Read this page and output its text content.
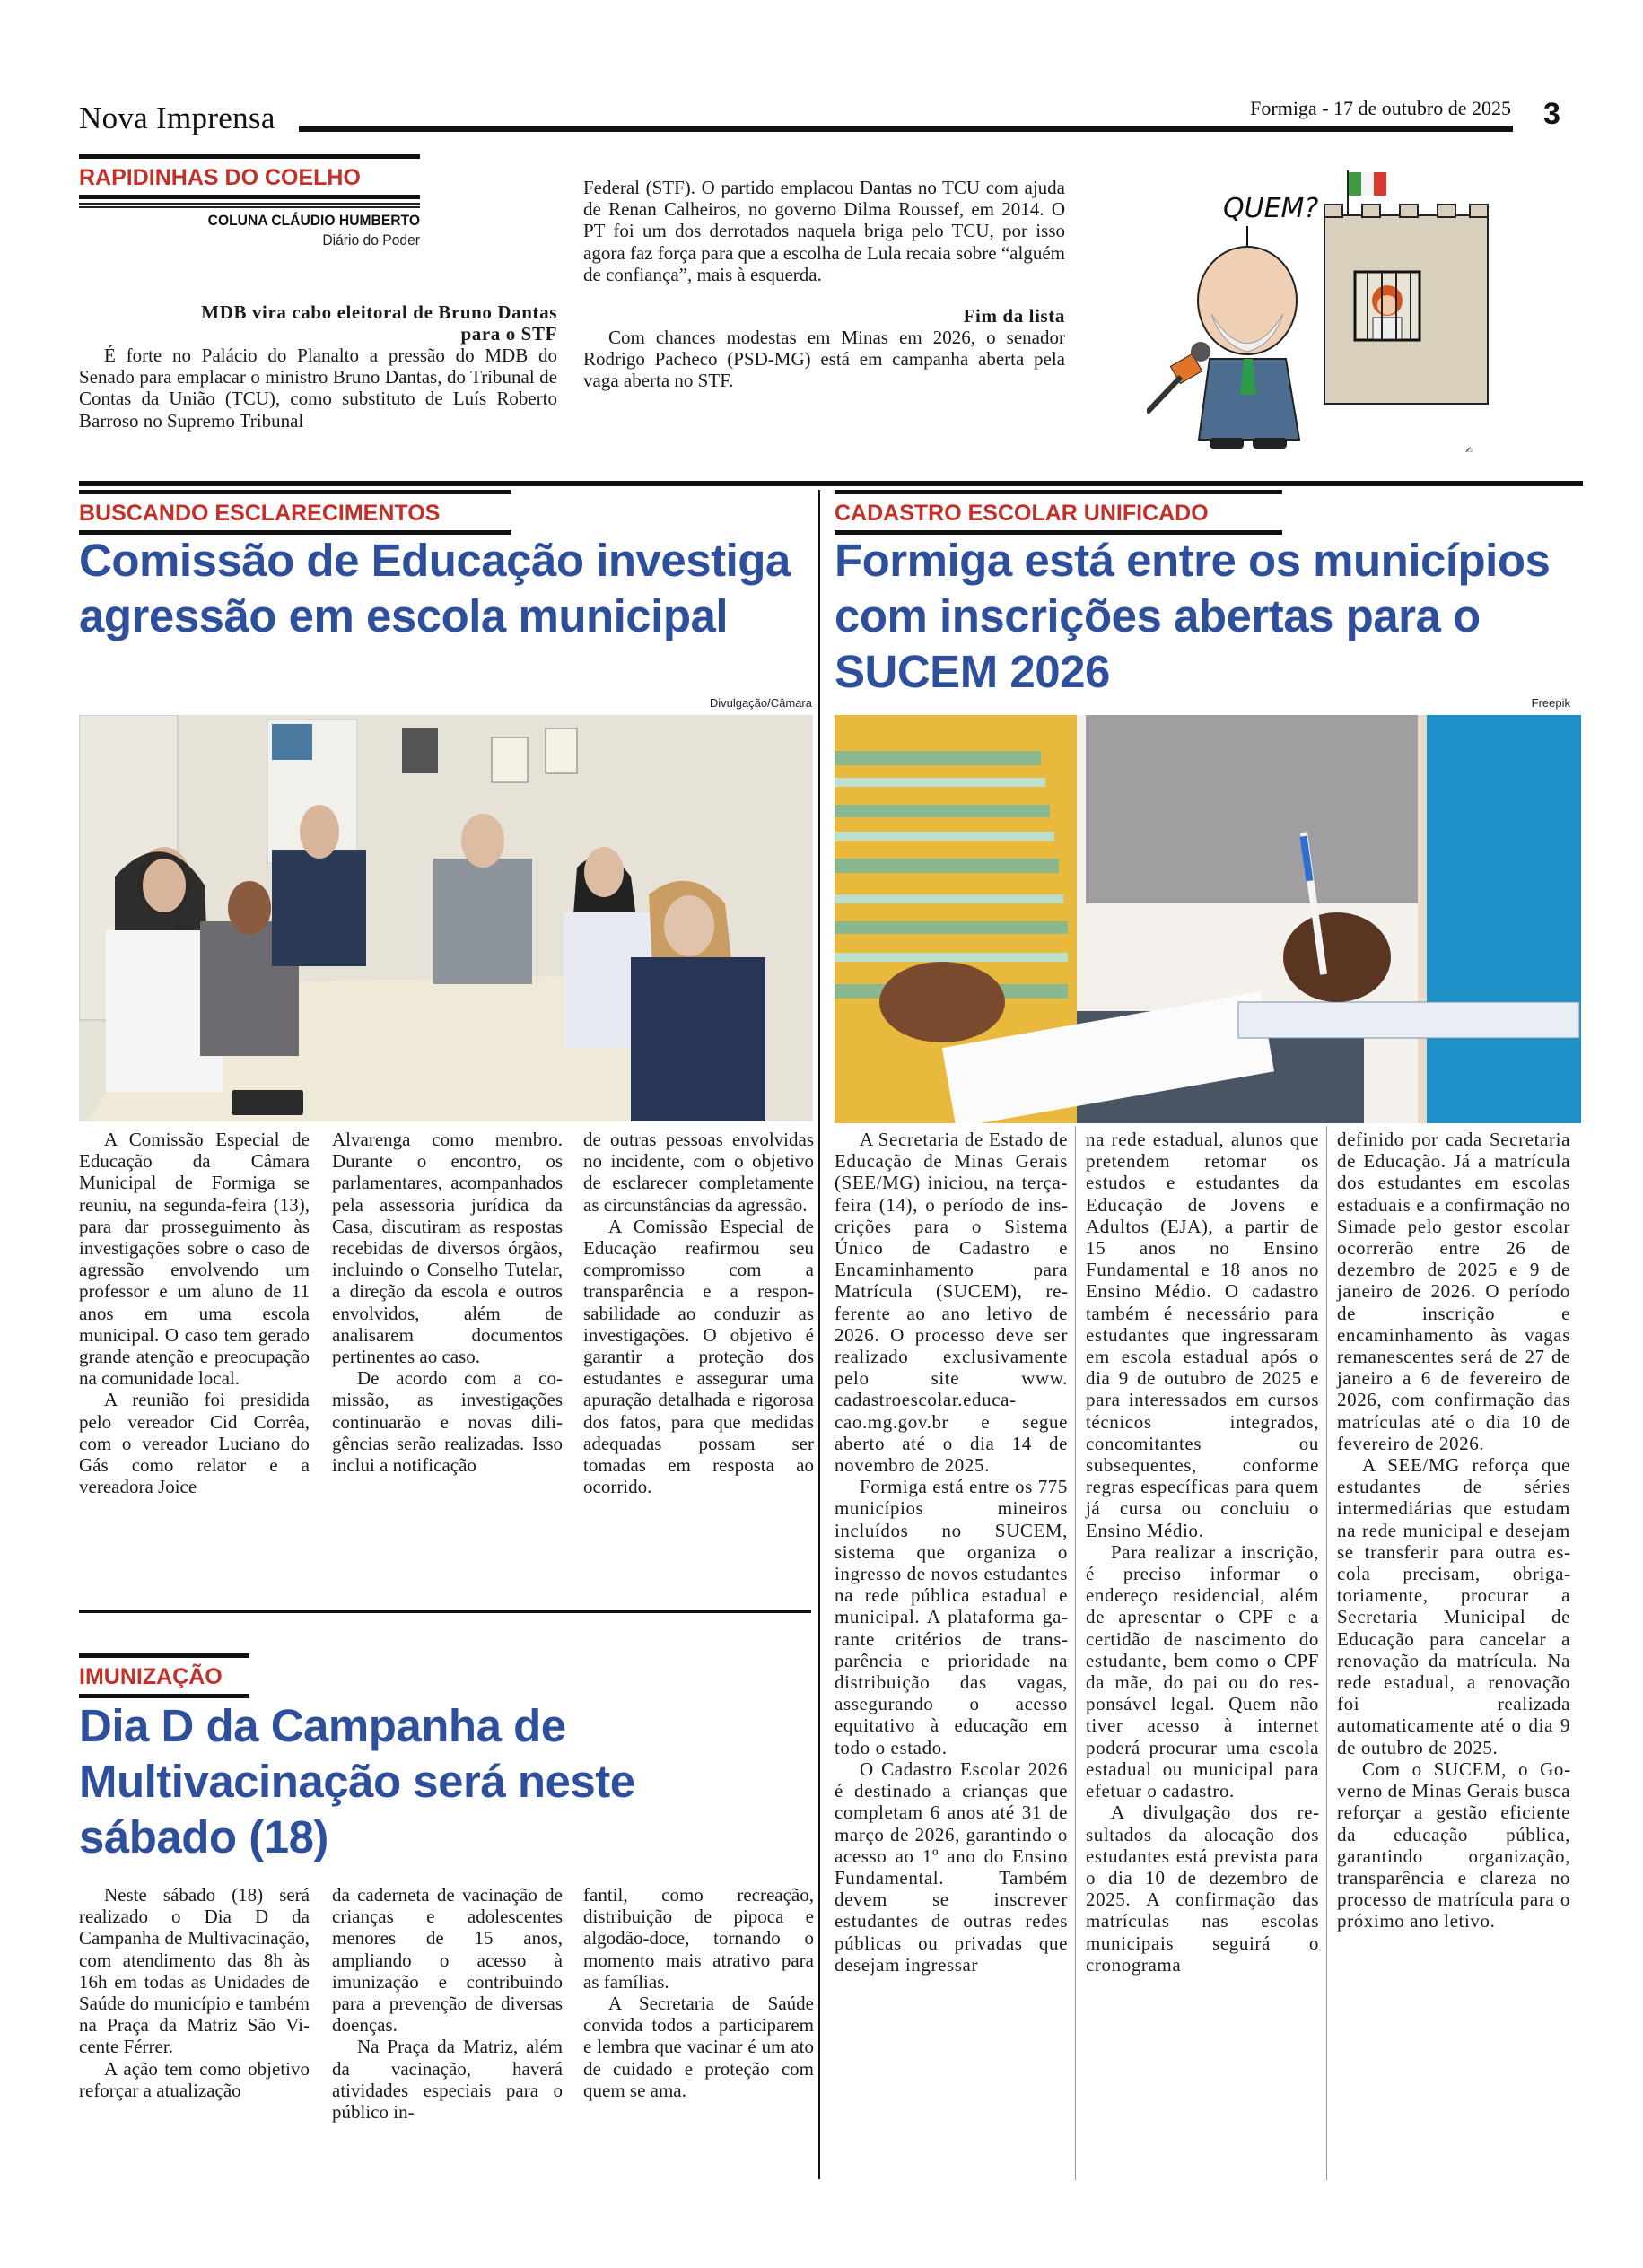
Nova Imprensa	Formiga - 17 de outubro de 2025 3
RAPIDINHAS DO COELHO
COLUNA CLÁUDIO HUMBERTO
Diário do Poder
MDB vira cabo eleitoral de Bruno Dantas
para o STF

É forte no Palácio do Planalto a pressão do MDB do Senado para emplacar o ministro Bruno Dantas, do Tribunal de Contas da União (TCU), como substituto de Luís Roberto Barroso no Supremo Tribunal

Federal (STF). O partido emplacou Dantas no TCU com ajuda de Renan Calheiros, no governo Dilma Roussef, em 2014. O PT foi um dos derrotados naquela briga pelo TCU, por isso agora faz força para que a escolha de Lula recaia sobre “alguém de confiança”, mais à esquerda.

Fim da lista

Com chances modestas em Minas em 2026, o senador Rodrigo Pacheco (PSD-MG) está em campanha aberta pela vaga aberta no STF.

QUEM?
✍
BUSCANDO ESCLARECIMENTOS
Comissão de Educação investiga agressão em escola municipal
Divulgação/Câmara

A Comissão Especial de Educação da Câmara Municipal de Formiga se reuniu, na segunda-feira (13), para dar prosseguimento às investigações sobre o caso de agressão envolvendo um professor e um aluno de 11 anos em uma escola municipal. O caso tem gerado grande atenção e preocupação na comunidade local.

A reunião foi presidida pelo vereador Cid Corrêa, com o vereador Luciano do Gás como relator e a vereadora Joice

Alvarenga como membro. Durante o encontro, os parlamentares, acompanhados pela assessoria jurídica da Casa, discutiram as respostas recebidas de diversos órgãos, incluindo o Conselho Tutelar, a direção da escola e outros envolvidos, além de analisarem documentos pertinentes ao caso.

De acordo com a comissão, as investigações continuarão e novas diligências serão realizadas. Isso inclui a notificação

de outras pessoas envolvidas no incidente, com o objetivo de esclarecer completamente as circunstâncias da agressão.

A Comissão Especial de Educação reafirmou seu compromisso com a transparência e a responsabilidade ao conduzir as investigações. O objetivo é garantir a proteção dos estudantes e assegurar uma apuração detalhada e rigorosa dos fatos, para que medidas adequadas possam ser tomadas em resposta ao ocorrido.

IMUNIZAÇÃO
Dia D da Campanha de Multivacinação será neste sábado (18)

Neste sábado (18) será realizado o Dia D da Campanha de Multivacinação, com atendimento das 8h às 16h em todas as Unidades de Saúde do município e também na Praça da Matriz São Vicente Férrer.

A ação tem como objetivo reforçar a atualização

da caderneta de vacinação de crianças e adolescentes menores de 15 anos, ampliando o acesso à imunização e contribuindo para a prevenção de diversas doenças.

Na Praça da Matriz, além da vacinação, haverá atividades especiais para o público in-

fantil, como recreação, distribuição de pipoca e algodão-doce, tornando o momento mais atrativo para as famílias.

A Secretaria de Saúde convida todos a participarem e lembra que vacinar é um ato de cuidado e proteção com quem se ama.

CADASTRO ESCOLAR UNIFICADO
Formiga está entre os municípios com inscrições abertas para o SUCEM 2026
Freepik

A Secretaria de Estado de Educação de Minas Gerais (SEE/MG) iniciou, na terça-feira (14), o período de inscrições para o Sistema Único de Cadastro e Encaminhamento para Matrícula (SUCEM), referente ao ano letivo de 2026. O processo deve ser realizado exclusivamente pelo site www. cadastroescolar.educacao.mg.gov.br e segue aberto até o dia 14 de novembro de 2025.

Formiga está entre os 775 municípios mineiros incluídos no SUCEM, sistema que organiza o ingresso de novos estudantes na rede pública estadual e municipal. A plataforma garante critérios de transparência e prioridade na distribuição das vagas, assegurando o acesso equitativo à educação em todo o estado.

O Cadastro Escolar 2026 é destinado a crianças que completam 6 anos até 31 de março de 2026, garantindo o acesso ao 1º ano do Ensino Fundamental. Também devem se inscrever estudantes de outras redes públicas ou privadas que desejam ingressar

na rede estadual, alunos que pretendem retomar os estudos e estudantes da Educação de Jovens e Adultos (EJA), a partir de 15 anos no Ensino Fundamental e 18 anos no Ensino Médio. O cadastro também é necessário para estudantes que ingressaram em escola estadual após o dia 9 de outubro de 2025 e para interessados em cursos técnicos integrados, concomitantes ou subsequentes, conforme regras específicas para quem já cursa ou concluiu o Ensino Médio.

Para realizar a inscrição, é preciso informar o endereço residencial, além de apresentar o CPF e a certidão de nascimento do estudante, bem como o CPF da mãe, do pai ou do responsável legal. Quem não tiver acesso à internet poderá procurar uma escola estadual ou municipal para efetuar o cadastro.

A divulgação dos resultados da alocação dos estudantes está prevista para o dia 10 de dezembro de 2025. A confirmação das matrículas nas escolas municipais seguirá o cronograma

definido por cada Secretaria de Educação. Já a matrícula dos estudantes em escolas estaduais e a confirmação no Simade pelo gestor escolar ocorrerão entre 26 de dezembro de 2025 e 9 de janeiro de 2026. O período de inscrição e encaminhamento às vagas remanescentes será de 27 de janeiro a 6 de fevereiro de 2026, com confirmação das matrículas até o dia 10 de fevereiro de 2026.

A SEE/MG reforça que estudantes de séries intermediárias que estudam na rede municipal e desejam se transferir para outra escola precisam, obrigatoriamente, procurar a Secretaria Municipal de Educação para cancelar a renovação da matrícula. Na rede estadual, a renovação foi realizada automaticamente até o dia 9 de outubro de 2025.

Com o SUCEM, o Governo de Minas Gerais busca reforçar a gestão eficiente da educação pública, garantindo organização, transparência e clareza no processo de matrícula para o próximo ano letivo.
